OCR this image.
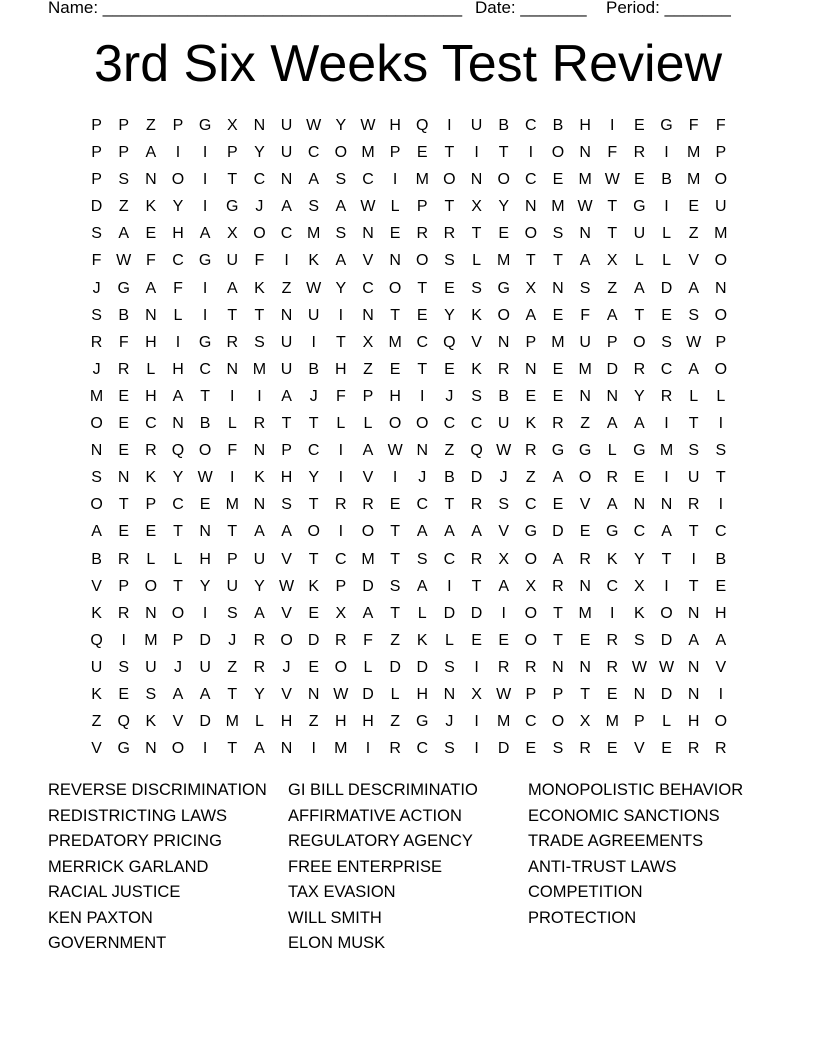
Name: ______________________________________ Date: _______ Period: _______
3rd Six Weeks Test Review
P	P	Z	P G X	N U W Y W H Q	I	U	B	C	B	H	I	E G	F	F
P	P	A	I	I	P	Y	U C O M P	E	T	I	T	I	O N	F	R	I	M P
P	S	N O	I	T	C N	A	S	C	I	M O N O C	E M W E	B M O
D	Z	K	Y	I	G	J	A	S	A W L	P	T	X	Y	N M W T	G	I	E	U
S	A	E	H	A	X O C M S	N	E	R R	T	E O S	N	T	U	L	Z M
F W F	C G U	F	I	K	A	V	N O S	L	M T	T	A	X	L	L	V O
J	G A	F	I	A	K	Z W Y	C O	T	E	S G X	N	S	Z	A	D	A	N
S	B	N	L	I	T	T	N U	I	N	T	E	Y	K O A	E	F	A	T	E	S O
R	F	H	I	G R	S	U	I	T	X M C Q V	N	P M U	P O S W P
J	R	L	H C N M U	B	H	Z	E	T	E	K	R N	E M D R C	A O
M E	H	A	T	I	I	A	J	F	P	H	I	J	S	B	E	E	N N	Y	R	L	L
O E	C N	B	L	R	T	T	L	L	O O C C U	K	R	Z	A	A	I	T	I
N	E	R Q O	F	N	P	C	I	A W N	Z	Q W R G G	L	G M S	S
S	N	K	Y W	I	K	H	Y	I	V	I	J	B	D	J	Z	A O R	E	I	U	T
O	T	P	C	E M N	S	T	R R	E	C	T	R	S	C	E	V	A	N N R	I
A	E	E	T	N	T	A	A O	I	O	T	A	A	A	V G D	E G C	A	T	C
B	R	L	L	H	P	U	V	T	C M T	S	C R	X O A	R	K	Y	T	I	B
V	P O	T	Y	U	Y W K	P	D	S	A	I	T	A	X	R N C	X	I	T	E
K	R N O	I	S	A	V	E	X	A	T	L	D D	I	O	T M	I	K O N H
Q	I	M P	D	J	R O D R	F	Z	K	L	E	E O	T	E	R	S	D	A	A
U	S	U	J	U	Z	R	J	E O	L	D D	S	I	R R N N R W W N	V
K	E	S	A	A	T	Y	V	N W D	L	H N	X W P	P	T	E	N D N	I
Z	Q K	V	D M	L	H	Z	H H	Z	G	J	I	M C O X M P	L	H O
V G N O	I	T	A	N	I	M	I	R C	S	I	D	E	S	R	E	V	E	R R
REVERSE DISCRIMINATION
REDISTRICTING LAWS
PREDATORY PRICING
MERRICK GARLAND
RACIAL JUSTICE
KEN PAXTON
GOVERNMENT
GI BILL DESCRIMINATIO
AFFIRMATIVE ACTION
REGULATORY AGENCY
FREE ENTERPRISE
TAX EVASION
WILL SMITH
ELON MUSK
MONOPOLISTIC BEHAVIOR
ECONOMIC SANCTIONS
TRADE AGREEMENTS
ANTI-TRUST LAWS
COMPETITION
PROTECTION
